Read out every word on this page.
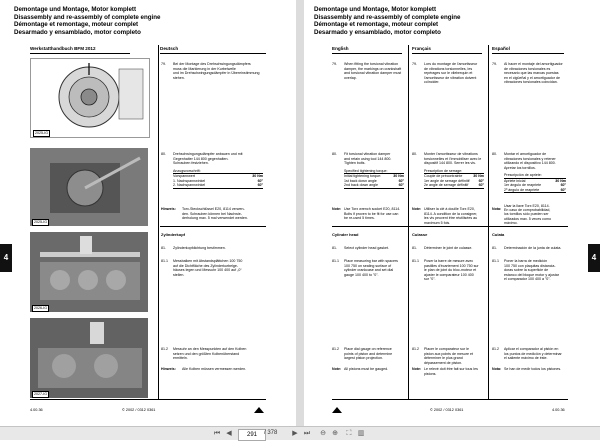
Demontage und Montage, Motor komplett
Disassembly and re-assembly of complete engine
Démontage et remontage, moteur complet
Desarmado y ensamblado, motor completo
Werkstatthandbuch BFM 2012	Deutsch
2025-IG
2025-IG
2026-IG
2027-IG
79. Bei der Montage des Drehschwingungsdämpfers
muss die Markierung in der Kurbelwelle
und im Drehschwingungsdämpfer in Übereinstimmung
stehen.
80. Drehschwingungsdämpfer anbauen und mit
Gegenhalter 144 800 gegenhalten.
Schrauben festziehen.
Anzugsvorschrift:
Vorspannwert	30 Nm
1. Nachspannwinkel	60°
2. Nachspannwinkel	60°
Hinweis: Torx-Steckschlüssel E20, 8114 verwen-
den. Schrauben können bei Nachwie-
derholung max. 5 mal verwendet werden.
Zylinderkopf
81. Zylinderkopfdichtung bestimmen.
81.1 Messbalken mit Abstandsplättchen 100 750
auf die Dichtfläche des Zylinderkurbelge-
häuses legen und Messuhr 100 400 auf „0“
stellen.
81.2 Messuhr an den Messpunkten auf den Kolben
setzen und den größten Kolbenüberstand
ermitteln.
Hinweis: Alle Kolben müssen vermessen werden.
4.00.36	© 2002 / 0312 0361
4
Demontage und Montage, Motor komplett
Disassembly and re-assembly of complete engine
Démontage et remontage, moteur complet
Desarmado y ensamblado, motor completo
English	Français	Español
79. When fitting the torsional vibration
damper, the markings on crankshaft
and torsional vibration damper must
overlap.
80. Fit torsional vibration damper
and retain using tool 144 800.
Tighten bolts.
Specified tightening torque:
Initial tightening torque:	30 Nm
1st back down angle	60°
2nd back down angle	60°
Note: Use Torx wrench socket E20, 8114.
Bolts if proven to be fit for use can
be re-used 5 times.
Cylinder head
81. Select cylinder head gasket.
81.1 Place measuring bar with spacers
100 750 on sealing surface of
cylinder crankcase and set dial
gauge 100 400 to "0".
81.2 Place dial gauge on reference
points of piston and determine
largest piston projection.
Note: All pistons must be gauged.
79. Lors du montage de l'amortisseur
de vibrations torsionnelles, les
repérages sur le vilebrequin et
l'amortisseur de vibration doivent
coïncider.
80. Monter l'amortisseur de vibrations
torsionnelles et l'immobiliser avec le
dispositif 144 800. Serrer les vis.
Prescription de serrage:
Couple de précontrainte	30 Nm
1er angle de serrage définitif	60°
2e angle de serrage définitif	60°
Note: Utiliser la clé à douille Torx E20,
8114. A condition de la consigner,
les vis peuvent être réutilisées au
maximum 5 fois.
Culasse
81. Déterminer le joint de culasse.
81.1 Poser la barre de mesure avec
pastilles d'écartement 100 750 sur
le plan de joint du bloc-moteur et
ajuster le comparateur 100 400
sur "0".
81.2 Placer le comparateur sur le
piston aux points de mesure et
déterminer le plus grand
dépassement de piston.
Note: Le relevé doit être fait sur tous les pistons.
79. Al hacer el montaje del amortiguador
de vibraciones torsionales es
necesario que las marcas puestas
en el cigüeñal y el amortiguador de
vibraciones torsionales coincidan.
80. Montar el amortiguador de
vibraciones torsionales y retener
utilizando el dispositivo 144 800.
Apretar los tornillos.
Prescripción de apriete:
Apriete inicial	30 Nm
1er ángulo de reapriete	60°
2º ángulo de reapriete	60°
Nota:
Usar la llave Torx E20, 8114.
En caso de comprobabilidad,
los tornillos sólo pueden ser
utilizados max. 5 veces como
máximo.
Culata
81. Determinación de la junta de culata.
81.1 Poner la barra de medición
100 750 con plaquitas distancia-
doras sobre la superficie de
estanco del bloque motor y ajustar
el comparador 100 400 a "0".
81.2 Aplicar el comparador al pistón en
los puntos de medición y determinar
el saliente máximo de éste.
Nota: Se han de medir todos los pistones.
© 2002 / 0312 0361	4.00.36
4
⏮ ◀
291	/ 378	▶ ⏭ ⊖ ⊕	⛶ ▥
